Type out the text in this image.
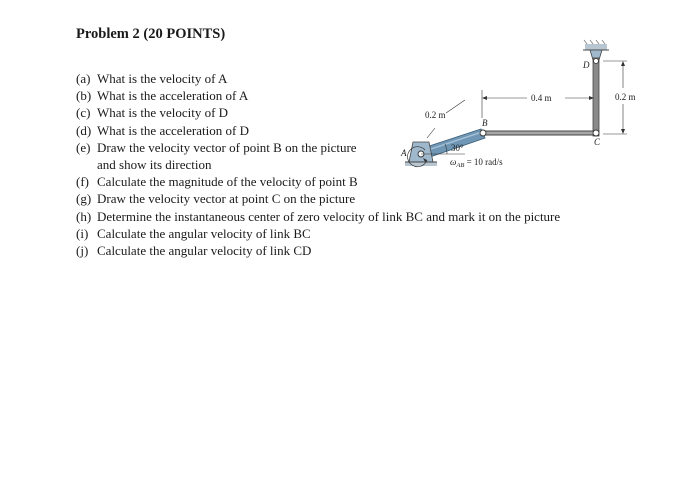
Problem 2 (20 POINTS)
(a) What is the velocity of A
(b) What is the acceleration of A
(c) What is the velocity of D
(d) What is the acceleration of D
(e) Draw the velocity vector of point B on the picture
and show its direction
(f) Calculate the magnitude of the velocity of point B
(g) Draw the velocity vector at point C on the picture
(h) Determine the instantaneous center of zero velocity of link BC and mark it on the picture
(i) Calculate the angular velocity of link BC
(j) Calculate the angular velocity of link CD
0.2 m
0.4 m
0.2 m
30°
A
B
C
D
$\omega_{AB} = 10$ rad/s
